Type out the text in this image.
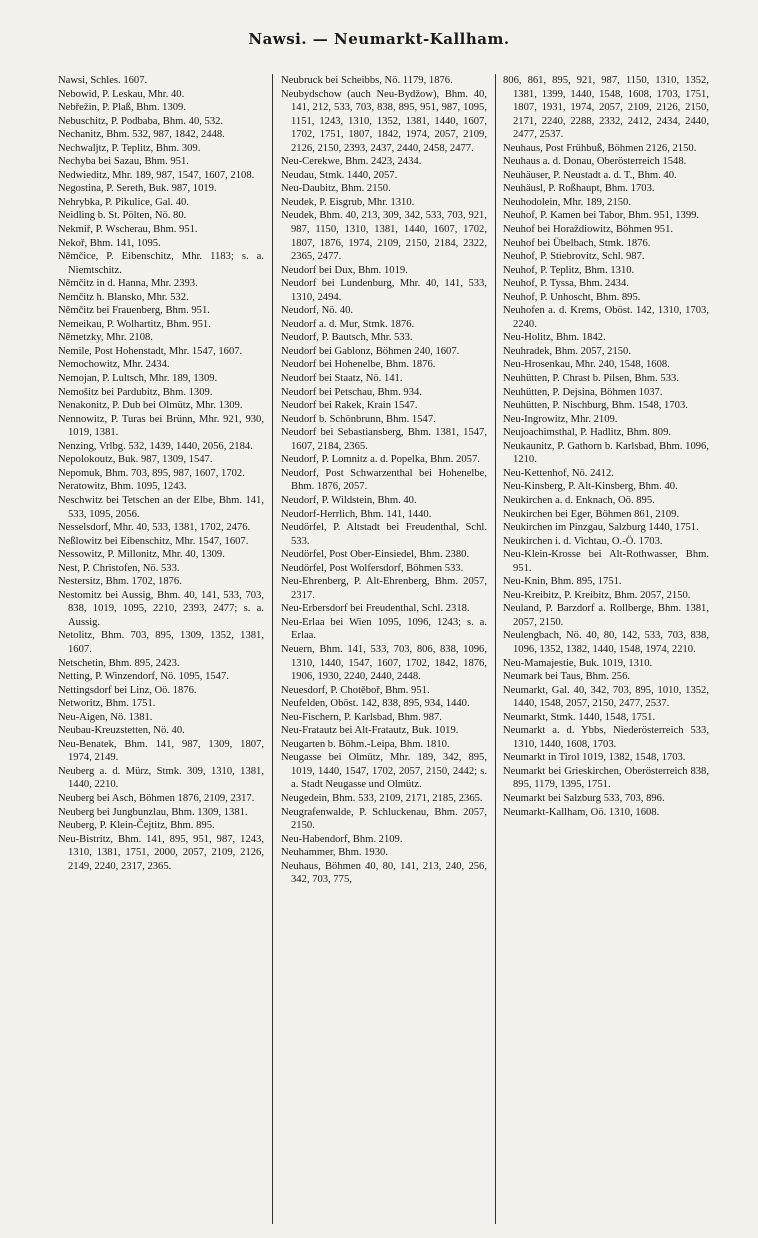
Nawsi. — Neumarkt-Kallham.
Nawsi, Schles. 1607.
Nebowid, P. Leskau, Mhr. 40.
Nebřežin, P. Plaß, Bhm. 1309.
Nebuschitz, P. Podbaba, Bhm. 40, 532.
Nechanitz, Bhm. 532, 987, 1842, 2448.
Nechwaljtz, P. Teplitz, Bhm. 309.
Nechyba bei Sazau, Bhm. 951.
Nedwieditz, Mhr. 189, 987, 1547, 1607, 2108.
Negostina, P. Sereth, Buk. 987, 1019.
Nehrybka, P. Pikulice, Gal. 40.
Neidling b. St. Pölten, Nö. 80.
Nekmiř, P. Wscherau, Bhm. 951.
Nekoř, Bhm. 141, 1095.
Němčice, P. Eibenschitz, Mhr. 1183; s. a. Niemtschitz.
Němčitz in d. Hanna, Mhr. 2393.
Nemčitz h. Blansko, Mhr. 532.
Němčitz bei Frauenberg, Bhm. 951.
Nemeikau, P. Wolhartitz, Bhm. 951.
Němetzky, Mhr. 2108.
Nemile, Post Hohenstadt, Mhr. 1547, 1607.
Nemochowitz, Mhr. 2434.
Nemojan, P. Lultsch, Mhr. 189, 1309.
Nemošitz bei Pardubitz, Bhm. 1309.
Nenakonitz, P. Dub bei Olmütz, Mhr. 1309.
Nennowitz, P. Turas bei Brünn, Mhr. 921, 930, 1019, 1381.
Nenzing, Vrlbg. 532, 1439, 1440, 2056, 2184.
Nepolokoutz, Buk. 987, 1309, 1547.
Nepomuk, Bhm. 703, 895, 987, 1607, 1702.
Neratowitz, Bhm. 1095, 1243.
Neschwitz bei Tetschen an der Elbe, Bhm. 141, 533, 1095, 2056.
Nesselsdorf, Mhr. 40, 533, 1381, 1702, 2476.
Neßlowitz bei Eibenschitz, Mhr. 1547, 1607.
Nessowitz, P. Millonitz, Mhr. 40, 1309.
Nest, P. Christofen, Nö. 533.
Nestersitz, Bhm. 1702, 1876.
Nestomitz bei Aussig, Bhm. 40, 141, 533, 703, 838, 1019, 1095, 2210, 2393, 2477; s. a. Aussig.
Netolitz, Bhm. 703, 895, 1309, 1352, 1381, 1607.
Netschetin, Bhm. 895, 2423.
Netting, P. Winzendorf, Nö. 1095, 1547.
Nettingsdorf bei Linz, Oö. 1876.
Networitz, Bhm. 1751.
Neu-Aigen, Nö. 1381.
Neubau-Kreuzstetten, Nö. 40.
Neu-Benatek, Bhm. 141, 987, 1309, 1807, 1974, 2149.
Neuberg a. d. Mürz, Stmk. 309, 1310, 1381, 1440, 2210.
Neuberg bei Asch, Böhmen 1876, 2109, 2317.
Neuberg bei Jungbunzlau, Bhm. 1309, 1381.
Neuberg, P. Klein-Čejtitz, Bhm. 895.
Neu-Bistritz, Bhm. 141, 895, 951, 987, 1243, 1310, 1381, 1751, 2000, 2057, 2109, 2126, 2149, 2240, 2317, 2365.
Neubruck bei Scheibbs, Nö. 1179, 1876.
Neubydschow (auch Neu-Bydžow), Bhm. 40, 141, 212, 533, 703, 838, 895, 951, 987, 1095, 1151, 1243, 1310, 1352, 1381, 1440, 1607, 1702, 1751, 1807, 1842, 1974, 2057, 2109, 2126, 2150, 2393, 2437, 2440, 2458, 2477.
Neu-Cerekwe, Bhm. 2423, 2434.
Neudau, Stmk. 1440, 2057.
Neu-Daubitz, Bhm. 2150.
Neudek, P. Eisgrub, Mhr. 1310.
Neudek, Bhm. 40, 213, 309, 342, 533, 703, 921, 987, 1150, 1310, 1381, 1440, 1607, 1702, 1807, 1876, 1974, 2109, 2150, 2184, 2322, 2365, 2477.
Neudorf bei Dux, Bhm. 1019.
Neudorf bei Lundenburg, Mhr. 40, 141, 533, 1310, 2494.
Neudorf, Nö. 40.
Neudorf a. d. Mur, Stmk. 1876.
Neudorf, P. Bautsch, Mhr. 533.
Neudorf bei Gablonz, Böhmen 240, 1607.
Neudorf bei Hohenelbe, Bhm. 1876.
Neudorf bei Staatz, Nö. 141.
Neudorf bei Petschau, Bhm. 934.
Neudorf bei Rakek, Krain 1547.
Neudorf b. Schönbrunn, Bhm. 1547.
Neudorf bei Sebastiansberg, Bhm. 1381, 1547, 1607, 2184, 2365.
Neudorf, P. Lomnitz a. d. Popelka, Bhm. 2057.
Neudorf, Post Schwarzenthal bei Hohenelbe, Bhm. 1876, 2057.
Neudorf, P. Wildstein, Bhm. 40.
Neudorf-Herrlich, Bhm. 141, 1440.
Neudörfel, P. Altstadt bei Freudenthal, Schl. 533.
Neudörfel, Post Ober-Einsiedel, Bhm. 2380.
Neudörfel, Post Wolfersdorf, Böhmen 533.
Neu-Ehrenberg, P. Alt-Ehrenberg, Bhm. 2057, 2317.
Neu-Erbersdorf bei Freudenthal, Schl. 2318.
Neu-Erlaa bei Wien 1095, 1096, 1243; s. a. Erlaa.
Neuern, Bhm. 141, 533, 703, 806, 838, 1096, 1310, 1440, 1547, 1607, 1702, 1842, 1876, 1906, 1930, 2240, 2440, 2448.
Neuesdorf, P. Chotěboř, Bhm. 951.
Neufelden, Oböst. 142, 838, 895, 934, 1440.
Neu-Fischern, P. Karlsbad, Bhm. 987.
Neu-Fratautz bei Alt-Fratautz, Buk. 1019.
Neugarten b. Böhm.-Leipa, Bhm. 1810.
Neugasse bei Olmütz, Mhr. 189, 342, 895, 1019, 1440, 1547, 1702, 2057, 2150, 2442; s. a. Stadt Neugasse und Olmütz.
Neugedein, Bhm. 533, 2109, 2171, 2185, 2365.
Neugrafenwalde, P. Schluckenau, Bhm. 2057, 2150.
Neu-Habendorf, Bhm. 2109.
Neuhammer, Bhm. 1930.
Neuhaus, Böhmen 40, 80, 141, 213, 240, 256, 342, 703, 775,
806, 861, 895, 921, 987, 1150, 1310, 1352, 1381, 1399, 1440, 1548, 1608, 1703, 1751, 1807, 1931, 1974, 2057, 2109, 2126, 2150, 2171, 2240, 2288, 2332, 2412, 2434, 2440, 2477, 2537.
Neuhaus, Post Frühbuß, Böhmen 2126, 2150.
Neuhaus a. d. Donau, Oberösterreich 1548.
Neuhäuser, P. Neustadt a. d. T., Bhm. 40.
Neuhäusl, P. Roßhaupt, Bhm. 1703.
Neuhodolein, Mhr. 189, 2150.
Neuhof, P. Kamen bei Tabor, Bhm. 951, 1399.
Neuhof bei Horaždiowitz, Böhmen 951.
Neuhof bei Übelbach, Stmk. 1876.
Neuhof, P. Stiebrovitz, Schl. 987.
Neuhof, P. Teplitz, Bhm. 1310.
Neuhof, P. Tyssa, Bhm. 2434.
Neuhof, P. Unhoscht, Bhm. 895.
Neuhofen a. d. Krems, Oböst. 142, 1310, 1703, 2240.
Neu-Holitz, Bhm. 1842.
Neuhradek, Bhm. 2057, 2150.
Neu-Hrosenkau, Mhr. 240, 1548, 1608.
Neuhütten, P. Chrast b. Pilsen, Bhm. 533.
Neuhütten, P. Dejsina, Böhmen 1037.
Neuhütten, P. Nischburg, Bhm. 1548, 1703.
Neu-Ingrowitz, Mhr. 2109.
Neujoachimsthal, P. Hadlitz, Bhm. 809.
Neukaunitz, P. Gathorn b. Karlsbad, Bhm. 1096, 1210.
Neu-Kettenhof, Nö. 2412.
Neu-Kinsberg, P. Alt-Kinsberg, Bhm. 40.
Neukirchen a. d. Enknach, Oö. 895.
Neukirchen bei Eger, Böhmen 861, 2109.
Neukirchen im Pinzgau, Salzburg 1440, 1751.
Neukirchen i. d. Vichtau, O.-Ö. 1703.
Neu-Klein-Krosse bei Alt-Rothwasser, Bhm. 951.
Neu-Knin, Bhm. 895, 1751.
Neu-Kreibitz, P. Kreibitz, Bhm. 2057, 2150.
Neuland, P. Barzdorf a. Rollberge, Bhm. 1381, 2057, 2150.
Neulengbach, Nö. 40, 80, 142, 533, 703, 838, 1096, 1352, 1382, 1440, 1548, 1974, 2210.
Neu-Mamajestie, Buk. 1019, 1310.
Neumark bei Taus, Bhm. 256.
Neumarkt, Gal. 40, 342, 703, 895, 1010, 1352, 1440, 1548, 2057, 2150, 2477, 2537.
Neumarkt, Stmk. 1440, 1548, 1751.
Neumarkt a. d. Ybbs, Niederösterreich 533, 1310, 1440, 1608, 1703.
Neumarkt in Tirol 1019, 1382, 1548, 1703.
Neumarkt bei Grieskirchen, Oberösterreich 838, 895, 1179, 1395, 1751.
Neumarkt bei Salzburg 533, 703, 896.
Neumarkt-Kallham, Oö. 1310, 1608.
